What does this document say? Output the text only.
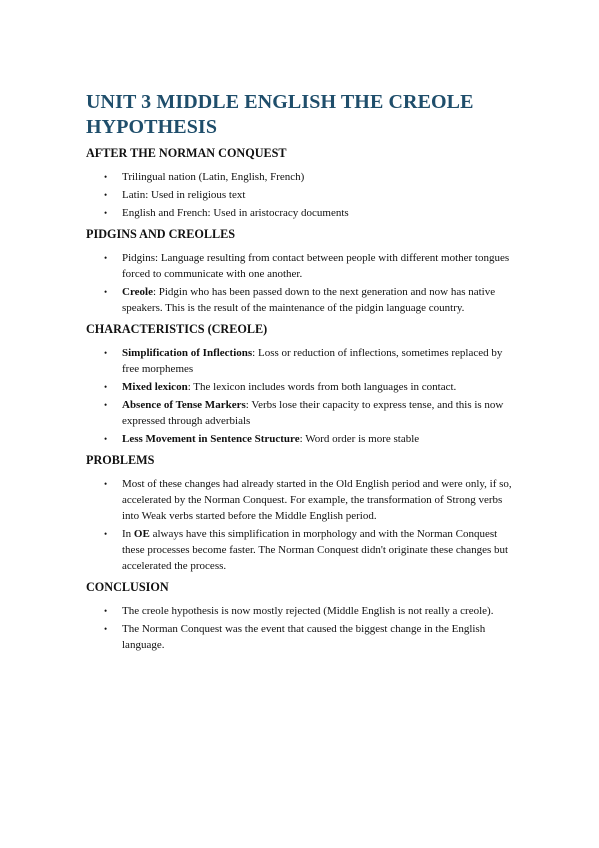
UNIT 3 MIDDLE ENGLISH THE CREOLE HYPOTHESIS
AFTER THE NORMAN CONQUEST
• Trilingual nation (Latin, English, French)
• Latin: Used in religious text
• English and French: Used in aristocracy documents
PIDGINS AND CREOLLES
• Pidgins: Language resulting from contact between people with different mother tongues forced to communicate with one another.
• Creole: Pidgin who has been passed down to the next generation and now has native speakers. This is the result of the maintenance of the pidgin language country.
CHARACTERISTICS (CREOLE)
• Simplification of Inflections: Loss or reduction of inflections, sometimes replaced by free morphemes
• Mixed lexicon: The lexicon includes words from both languages in contact.
• Absence of Tense Markers: Verbs lose their capacity to express tense, and this is now expressed through adverbials
• Less Movement in Sentence Structure: Word order is more stable
PROBLEMS
• Most of these changes had already started in the Old English period and were only, if so, accelerated by the Norman Conquest. For example, the transformation of Strong verbs into Weak verbs started before the Middle English period.
• In OE always have this simplification in morphology and with the Norman Conquest these processes become faster. The Norman Conquest didn't originate these changes but accelerated the process.
CONCLUSION
• The creole hypothesis is now mostly rejected (Middle English is not really a creole).
• The Norman Conquest was the event that caused the biggest change in the English language.
